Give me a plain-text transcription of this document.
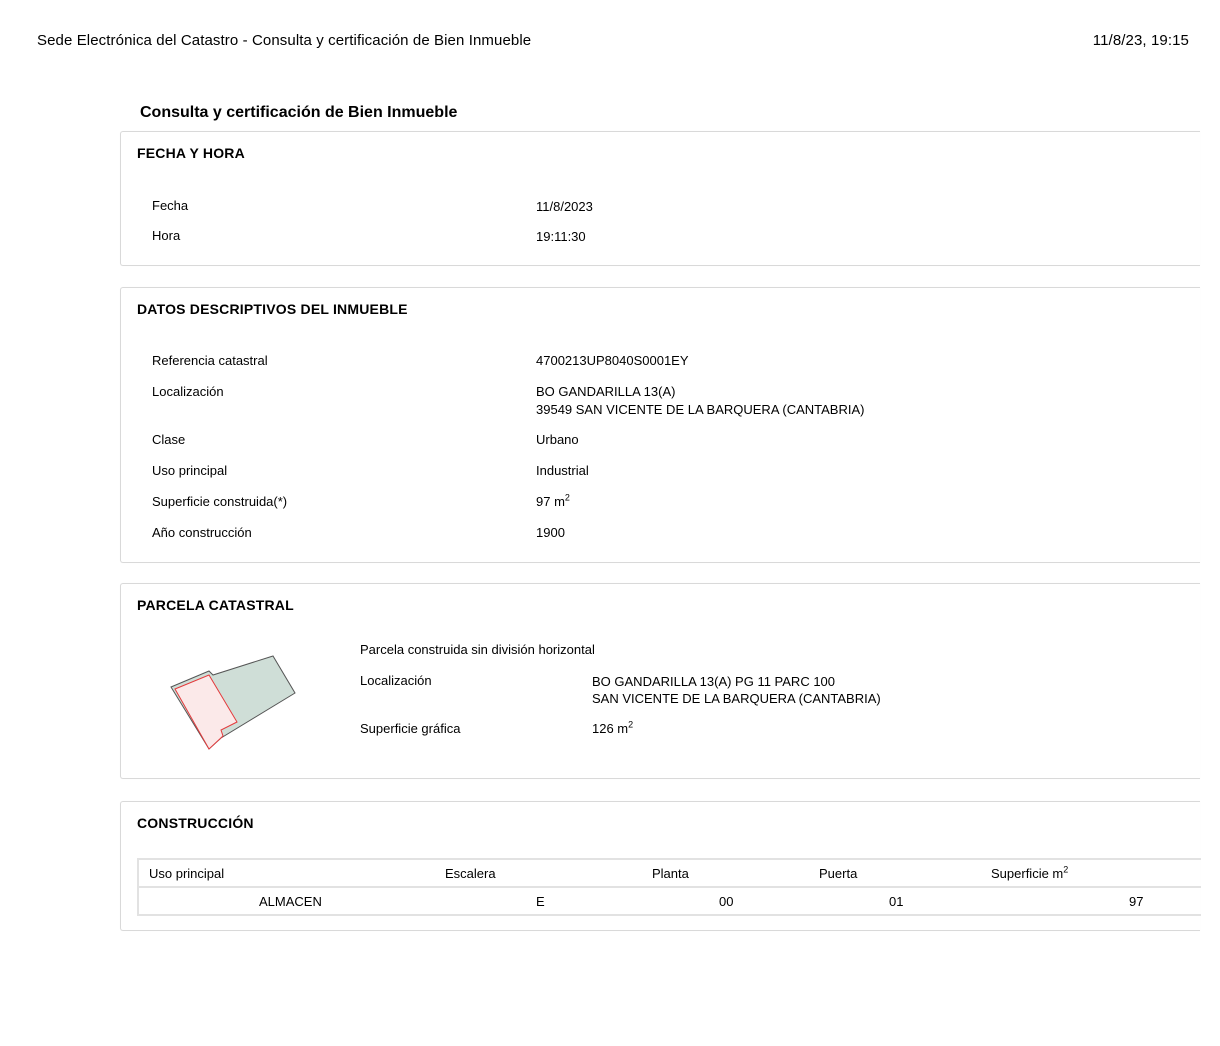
Sede Electrónica del Catastro - Consulta y certificación de Bien Inmueble	11/8/23, 19:15
Consulta y certificación de Bien Inmueble
FECHA Y HORA
Fecha	11/8/2023
Hora	19:11:30
DATOS DESCRIPTIVOS DEL INMUEBLE
Referencia catastral	4700213UP8040S0001EY
Localización	BO GANDARILLA 13(A)
39549 SAN VICENTE DE LA BARQUERA (CANTABRIA)
Clase	Urbano
Uso principal	Industrial
Superficie construida(*)	97 $m^2$
Año construcción	1900
PARCELA CATASTRAL
Parcela construida sin división horizontal
Localización	BO GANDARILLA 13(A) PG 11 PARC 100
SAN VICENTE DE LA BARQUERA (CANTABRIA)
Superficie gráfica	126 $m^2$
CONSTRUCCIÓN
Uso principal	Escalera	Planta	Puerta	Superficie $m^2$
ALMACEN	E	00	01	97
